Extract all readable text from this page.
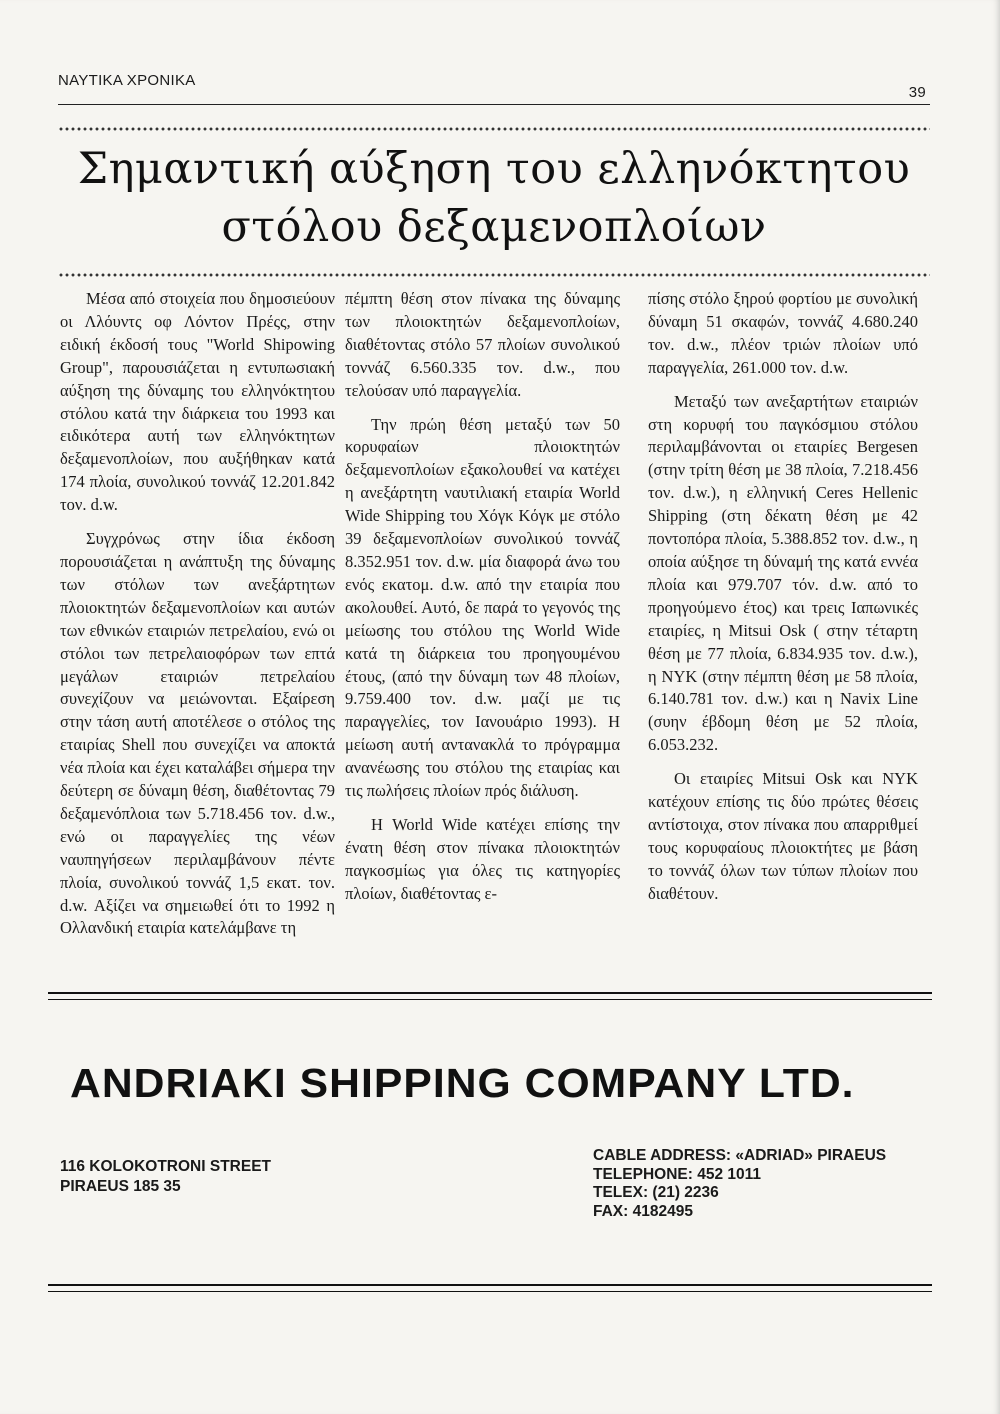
ΝΑΥΤΙΚΑ ΧΡΟΝΙΚΑ
39
Σημαντική αύξηση του ελληνόκτητου
στόλου δεξαμενοπλοίων

Μέσα από στοιχεία που δημοσιεύουν οι Λλόυντς οφ Λόντον Πρέςς, στην ειδική έκδοσή τους "World Shipowing Group", παρουσιάζεται η εντυπωσιακή αύξηση της δύναμης του ελληνόκτητου στόλου κατά την διάρκεια του 1993 και ειδικότερα αυτή των ελληνόκτητων δεξαμενοπλοίων, που αυξήθηκαν κατά 174 πλοία, συνολικού τοννάζ 12.201.842 τον. d.w.

Συγχρόνως στην ίδια έκδοση πορουσιάζεται η ανάπτυξη της δύναμης των στόλων των ανεξάρτητων πλοιοκτητών δεξαμενοπλοίων και αυτών των εθνικών εταιριών πετρελαίου, ενώ οι στόλοι των πετρελαιοφόρων των επτά μεγάλων εταιριών πετρελαίου συνεχίζουν να μειώνονται. Εξαίρεση στην τάση αυτή αποτέλεσε ο στόλος της εταιρίας Shell που συνεχίζει να αποκτά νέα πλοία και έχει καταλάβει σήμερα την δεύτερη σε δύναμη θέση, διαθέτοντας 79 δεξαμενόπλοια των 5.718.456 τον. d.w., ενώ οι παραγγελίες της νέων ναυπηγήσεων περιλαμβάνουν πέντε πλοία, συνολικού τοννάζ 1,5 εκατ. τον. d.w. Αξίζει να σημειωθεί ότι το 1992 η Ολλανδική εταιρία κατελάμβανε τη

πέμπτη θέση στον πίνακα της δύναμης των πλοιοκτητών δεξαμενοπλοίων, διαθέτοντας στόλο 57 πλοίων συνολικού τοννάζ 6.560.335 τον. d.w., που τελούσαν υπό παραγγελία.

Την πρώη θέση μεταξύ των 50 κορυφαίων πλοιοκτητών δεξαμενοπλοίων εξακολουθεί να κατέχει η ανεξάρτητη ναυτιλιακή εταιρία World Wide Shipping του Χόγκ Κόγκ με στόλο 39 δεξαμενοπλοίων συνολικού τοννάζ 8.352.951 τον. d.w. μία διαφορά άνω του ενός εκατομ. d.w. από την εταιρία που ακολουθεί. Αυτό, δε παρά το γεγονός της μείωσης του στόλου της World Wide κατά τη διάρκεια του προηγουμένου έτους, (από την δύναμη των 48 πλοίων, 9.759.400 τον. d.w. μαζί με τις παραγγελίες, τον Ιανουάριο 1993). Η μείωση αυτή αντανακλά το πρόγραμμα ανανέωσης του στόλου της εταιρίας και τις πωλήσεις πλοίων πρός διάλυση.

Η World Wide κατέχει επίσης την ένατη θέση στον πίνακα πλοιοκτητών παγκοσμίως για όλες τις κατηγορίες πλοίων, διαθέτοντας ε-

πίσης στόλο ξηρού φορτίου με συνολική δύναμη 51 σκαφών, τοννάζ 4.680.240 τον. d.w., πλέον τριών πλοίων υπό παραγγελία, 261.000 τον. d.w.

Μεταξύ των ανεξαρτήτων εταιριών στη κορυφή του παγκόσμιου στόλου περιλαμβάνονται οι εταιρίες Bergesen (στην τρίτη θέση με 38 πλοία, 7.218.456 τον. d.w.), η ελληνική Ceres Hellenic Shipping (στη δέκατη θέση με 42 ποντοπόρα πλοία, 5.388.852 τον. d.w., η οποία αύξησε τη δύναμή της κατά εννέα πλοία και 979.707 τόν. d.w. από το προηγούμενο έτος) και τρεις Ιαπωνικές εταιρίες, η Mitsui Osk ( στην τέταρτη θέση με 77 πλοία, 6.834.935 τον. d.w.), η NYK (στην πέμπτη θέση με 58 πλοία, 6.140.781 τον. d.w.) και η Navix Line (συην έβδομη θέση με 52 πλοία, 6.053.232.

Οι εταιρίες Mitsui Osk και NYK κατέχουν επίσης τις δύο πρώτες θέσεις αντίστοιχα, στον πίνακα που απαρριθμεί τους κορυφαίους πλοιοκτήτες με βάση το τοννάζ όλων των τύπων πλοίων που διαθέτουν.

ANDRIAKI SHIPPING COMPANY LTD.
116 KOLOKOTRONI STREET
PIRAEUS 185 35
CABLE ADDRESS: «ADRIAD» PIRAEUS
TELEPHONE: 452 1011
TELEX: (21) 2236
FAX: 4182495
